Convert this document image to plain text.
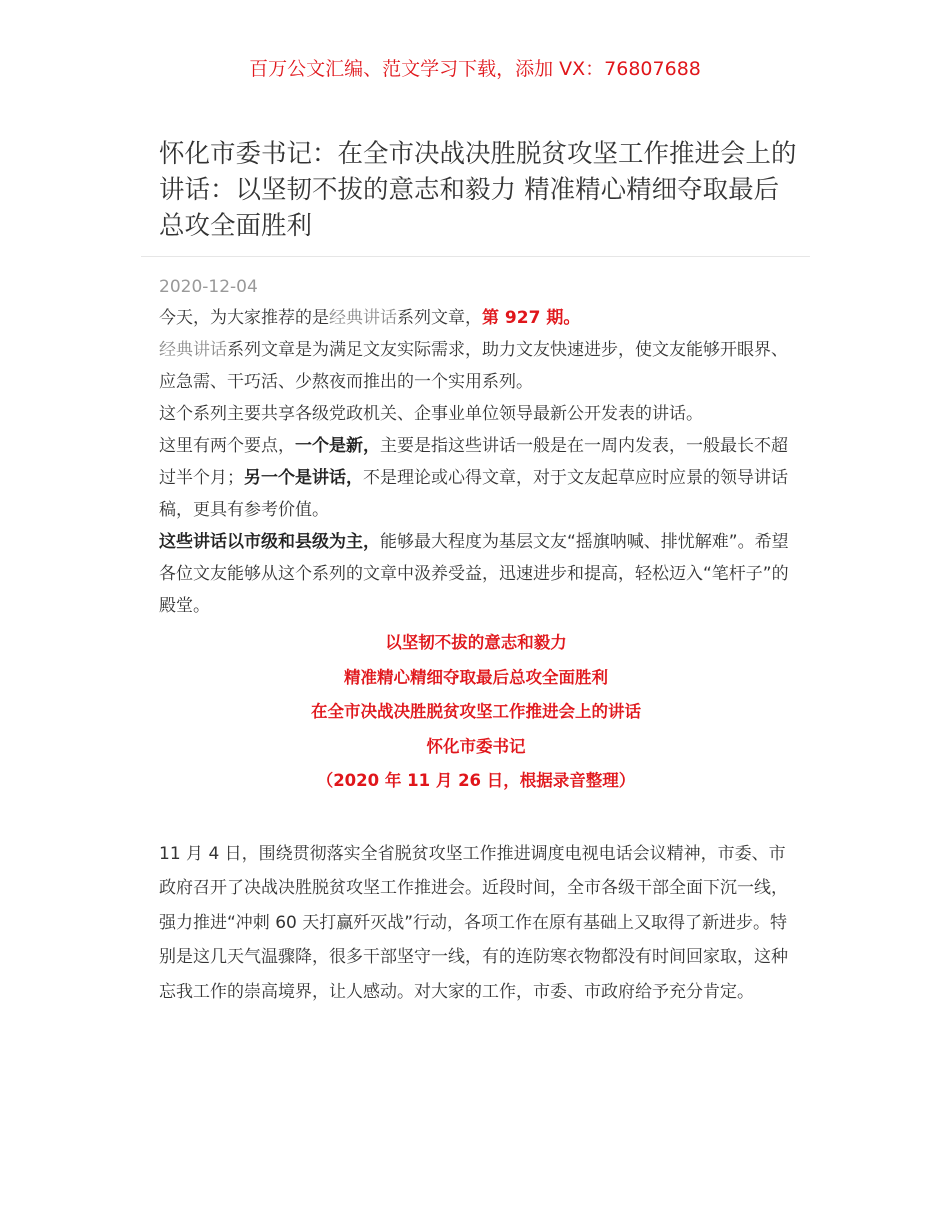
百万公文汇编、范文学习下载，添加 VX：76807688
怀化市委书记：在全市决战决胜脱贫攻坚工作推进会上的讲话：以坚韧不拔的意志和毅力 精准精心精细夺取最后总攻全面胜利
2020-12-04

今天，为大家推荐的是经典讲话系列文章，第 927 期。

经典讲话系列文章是为满足文友实际需求，助力文友快速进步，使文友能够开眼界、应急需、干巧活、少熬夜而推出的一个实用系列。

这个系列主要共享各级党政机关、企事业单位领导最新公开发表的讲话。

这里有两个要点，一个是新，主要是指这些讲话一般是在一周内发表，一般最长不超过半个月；另一个是讲话，不是理论或心得文章，对于文友起草应时应景的领导讲话稿，更具有参考价值。

这些讲话以市级和县级为主，能够最大程度为基层文友“摇旗呐喊、排忧解难”。希望各位文友能够从这个系列的文章中汲养受益，迅速进步和提高，轻松迈入“笔杆子”的殿堂。

以坚韧不拔的意志和毅力
精准精心精细夺取最后总攻全面胜利
在全市决战决胜脱贫攻坚工作推进会上的讲话
怀化市委书记
（2020 年 11 月 26 日，根据录音整理）

11 月 4 日，围绕贯彻落实全省脱贫攻坚工作推进调度电视电话会议精神，市委、市政府召开了决战决胜脱贫攻坚工作推进会。近段时间，全市各级干部全面下沉一线，强力推进“冲刺 60 天打赢歼灭战”行动，各项工作在原有基础上又取得了新进步。特别是这几天气温骤降，很多干部坚守一线，有的连防寒衣物都没有时间回家取，这种忘我工作的崇高境界，让人感动。对大家的工作，市委、市政府给予充分肯定。
